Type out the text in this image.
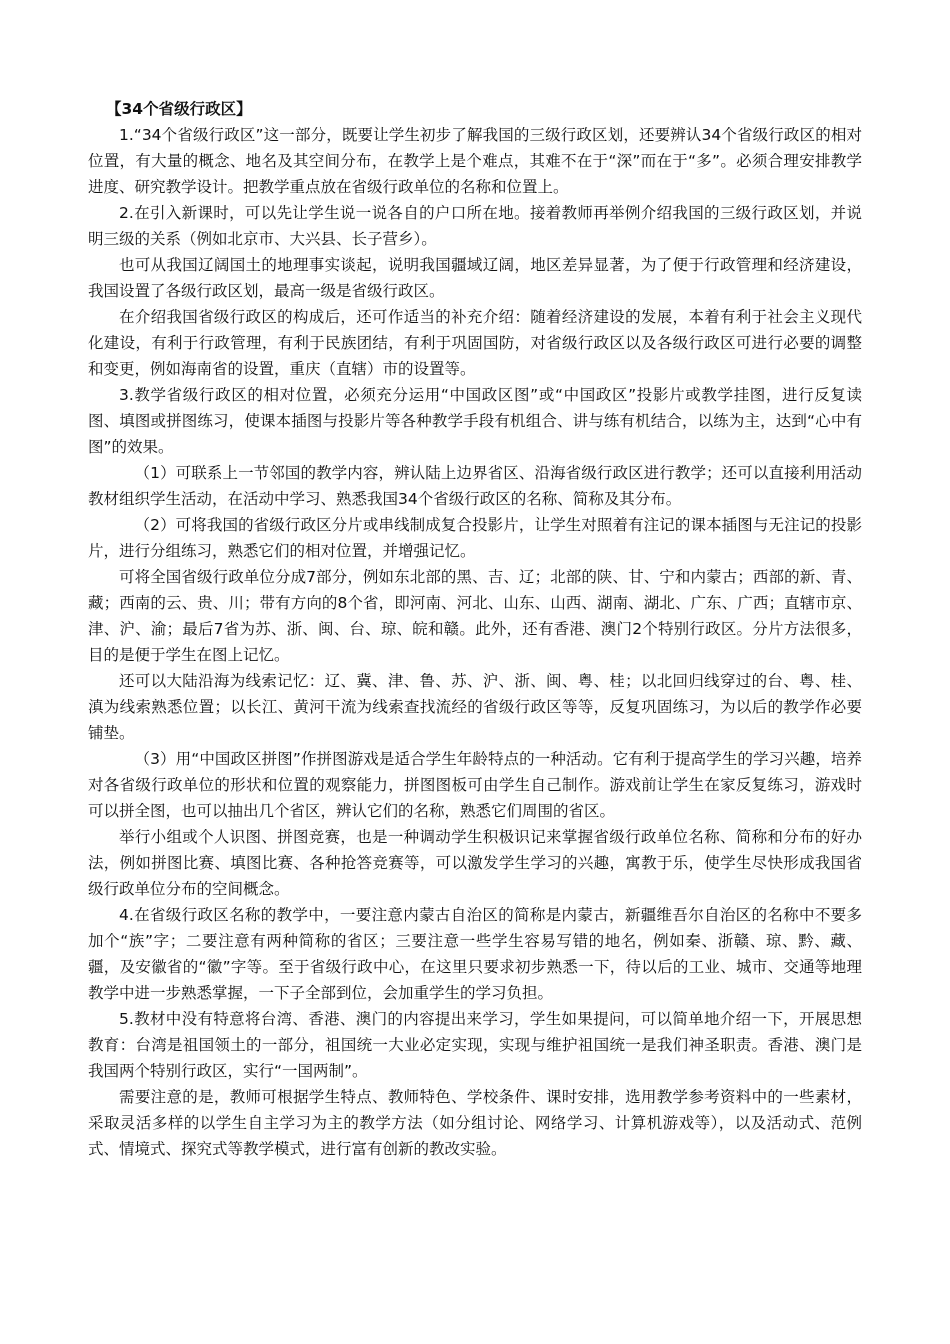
【34个省级行政区】

1.“34个省级行政区”这一部分，既要让学生初步了解我国的三级行政区划，还要辨认34个省级行政区的相对位置，有大量的概念、地名及其空间分布，在教学上是个难点，其难不在于“深”而在于“多”。必须合理安排教学进度、研究教学设计。把教学重点放在省级行政单位的名称和位置上。

2.在引入新课时，可以先让学生说一说各自的户口所在地。接着教师再举例介绍我国的三级行政区划，并说明三级的关系（例如北京市、大兴县、长子营乡）。

也可从我国辽阔国土的地理事实谈起，说明我国疆域辽阔，地区差异显著，为了便于行政管理和经济建设，我国设置了各级行政区划，最高一级是省级行政区。

在介绍我国省级行政区的构成后，还可作适当的补充介绍：随着经济建设的发展，本着有利于社会主义现代化建设，有利于行政管理，有利于民族团结，有利于巩固国防，对省级行政区以及各级行政区可进行必要的调整和变更，例如海南省的设置，重庆（直辖）市的设置等。

3.教学省级行政区的相对位置，必须充分运用“中国政区图”或“中国政区”投影片或教学挂图，进行反复读图、填图或拼图练习，使课本插图与投影片等各种教学手段有机组合、讲与练有机结合，以练为主，达到“心中有图”的效果。

（1）可联系上一节邻国的教学内容，辨认陆上边界省区、沿海省级行政区进行教学；还可以直接利用活动教材组织学生活动，在活动中学习、熟悉我国34个省级行政区的名称、简称及其分布。

（2）可将我国的省级行政区分片或串线制成复合投影片，让学生对照着有注记的课本插图与无注记的投影片，进行分组练习，熟悉它们的相对位置，并增强记忆。

可将全国省级行政单位分成7部分，例如东北部的黑、吉、辽；北部的陕、甘、宁和内蒙古；西部的新、青、藏；西南的云、贵、川；带有方向的8个省，即河南、河北、山东、山西、湖南、湖北、广东、广西；直辖市京、津、沪、渝；最后7省为苏、浙、闽、台、琼、皖和赣。此外，还有香港、澳门2个特别行政区。分片方法很多，目的是便于学生在图上记忆。

还可以大陆沿海为线索记忆：辽、冀、津、鲁、苏、沪、浙、闽、粤、桂；以北回归线穿过的台、粤、桂、滇为线索熟悉位置；以长江、黄河干流为线索查找流经的省级行政区等等，反复巩固练习，为以后的教学作必要铺垫。

（3）用“中国政区拼图”作拼图游戏是适合学生年龄特点的一种活动。它有利于提高学生的学习兴趣，培养对各省级行政单位的形状和位置的观察能力，拼图图板可由学生自己制作。游戏前让学生在家反复练习，游戏时可以拼全图，也可以抽出几个省区，辨认它们的名称，熟悉它们周围的省区。

举行小组或个人识图、拼图竞赛，也是一种调动学生积极识记来掌握省级行政单位名称、简称和分布的好办法，例如拼图比赛、填图比赛、各种抢答竞赛等，可以激发学生学习的兴趣，寓教于乐，使学生尽快形成我国省级行政单位分布的空间概念。

4.在省级行政区名称的教学中，一要注意内蒙古自治区的简称是内蒙古，新疆维吾尔自治区的名称中不要多加个“族”字；二要注意有两种简称的省区；三要注意一些学生容易写错的地名，例如秦、浙赣、琼、黔、藏、疆，及安徽省的“徽”字等。至于省级行政中心，在这里只要求初步熟悉一下，待以后的工业、城市、交通等地理教学中进一步熟悉掌握，一下子全部到位，会加重学生的学习负担。

5.教材中没有特意将台湾、香港、澳门的内容提出来学习，学生如果提问，可以简单地介绍一下，开展思想教育：台湾是祖国领土的一部分，祖国统一大业必定实现，实现与维护祖国统一是我们神圣职责。香港、澳门是我国两个特别行政区，实行“一国两制”。

需要注意的是，教师可根据学生特点、教师特色、学校条件、课时安排，选用教学参考资料中的一些素材，采取灵活多样的以学生自主学习为主的教学方法（如分组讨论、网络学习、计算机游戏等），以及活动式、范例式、情境式、探究式等教学模式，进行富有创新的教改实验。
